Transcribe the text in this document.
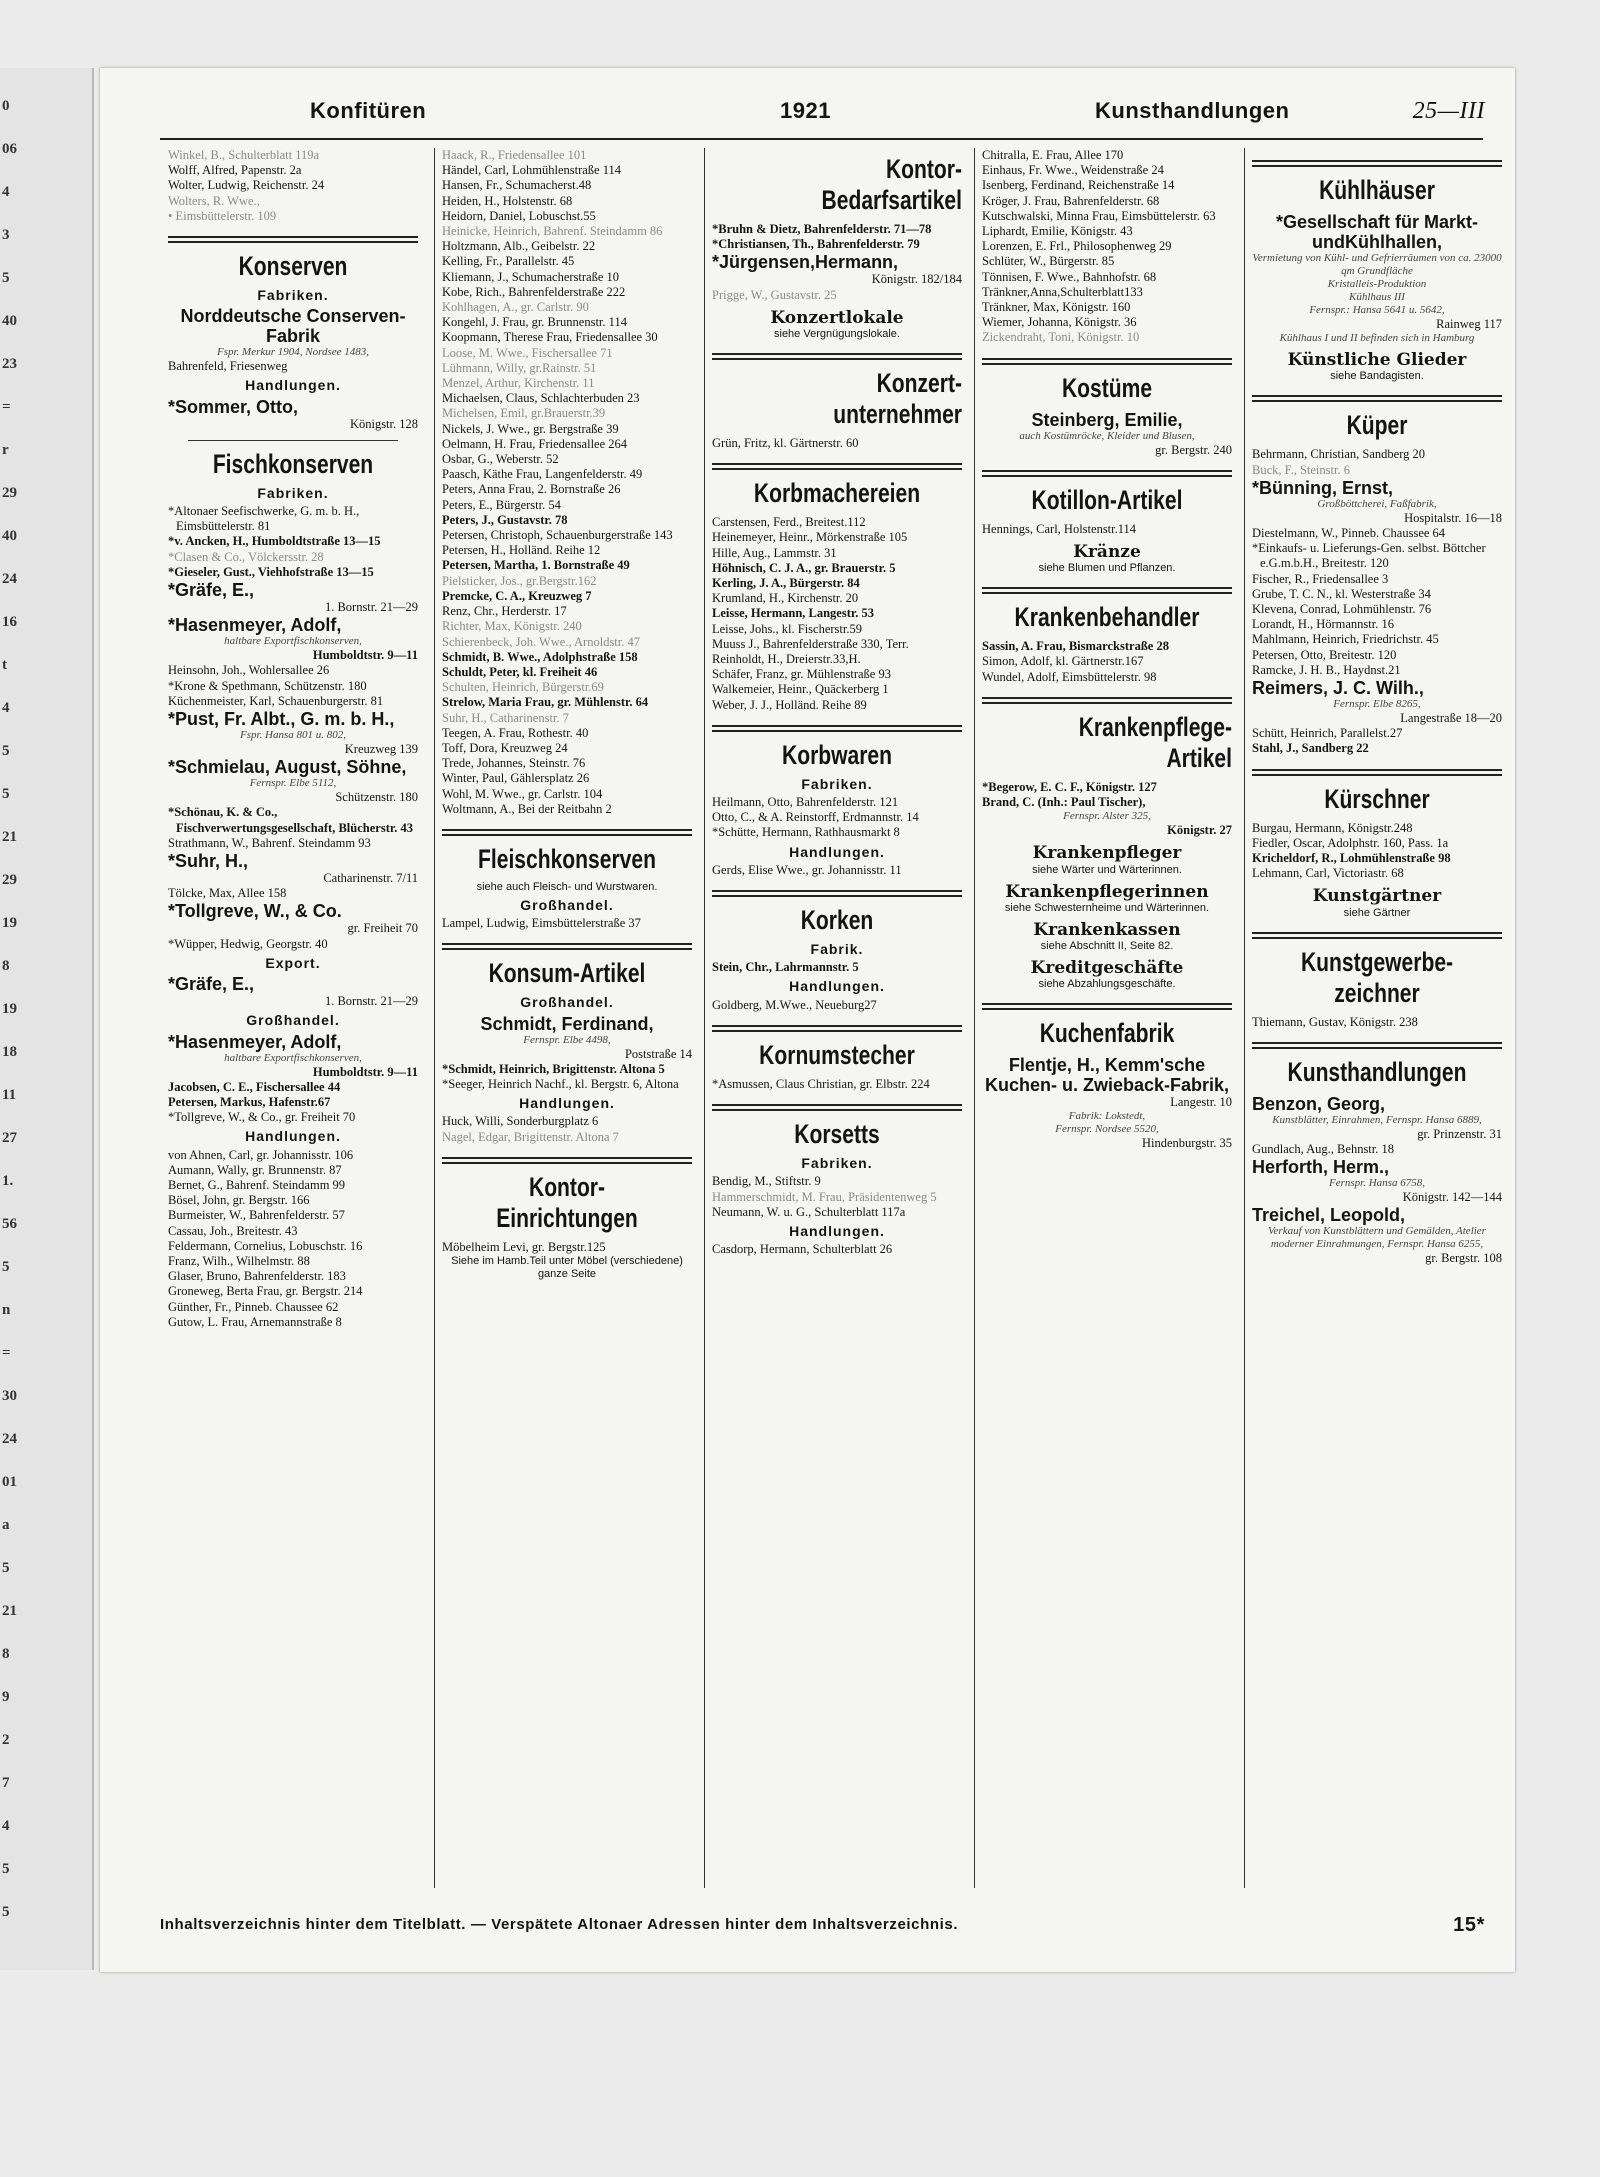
0
06
4
3
5
40
23
=
r
29
40
24
16
t
4
5
5
21
29
19
8
19
18
11
27
1.
56
5
n
=
30
24
01
a
5
21
8
9
2
7
4
5
5
Konfitüren	1921	Kunsthandlungen	25—III
Winkel, B., Schulterblatt 119a
Wolff, Alfred, Papenstr. 2a
Wolter, Ludwig, Reichenstr. 24
Wolters, R. Wwe.,
• Eimsbüttelerstr. 109
Konserven
Fabriken.
Norddeutsche Conserven-Fabrik
Fspr. Merkur 1904, Nordsee 1483,
Bahrenfeld, Friesenweg
Handlungen.
*Sommer, Otto,
Königstr. 128
Fischkonserven
Fabriken.
*Altonaer Seefischwerke, G. m. b. H., Eimsbüttelerstr. 81
*v. Ancken, H., Humboldtstraße 13—15
*Clasen & Co., Völckersstr. 28
*Gieseler, Gust., Viehhofstraße 13—15
*Gräfe, E.,
1. Bornstr. 21—29
*Hasenmeyer, Adolf,
haltbare Exportfischkonserven,
Humboldtstr. 9—11
Heinsohn, Joh., Wohlersallee 26
*Krone & Spethmann, Schützenstr. 180
Küchenmeister, Karl, Schauenburgerstr. 81
*Pust, Fr. Albt., G. m. b. H.,
Fspr. Hansa 801 u. 802,
Kreuzweg 139
*Schmielau, August, Söhne,
Fernspr. Elbe 5112,
Schützenstr. 180
*Schönau, K. & Co., Fischverwertungsgesellschaft, Blücherstr. 43
Strathmann, W., Bahrenf. Steindamm 93
*Suhr, H.,
Catharinenstr. 7/11
Tölcke, Max, Allee 158
*Tollgreve, W., & Co.
gr. Freiheit 70
*Wüpper, Hedwig, Georgstr. 40
Export.
*Gräfe, E.,
1. Bornstr. 21—29
Großhandel.
*Hasenmeyer, Adolf,
haltbare Exportfischkonserven,
Humboldtstr. 9—11
Jacobsen, C. E., Fischersallee 44
Petersen, Markus, Hafenstr.67
*Tollgreve, W., & Co., gr. Freiheit 70
Handlungen.
von Ahnen, Carl, gr. Johannisstr. 106
Aumann, Wally, gr. Brunnenstr. 87
Bernet, G., Bahrenf. Steindamm 99
Bösel, John, gr. Bergstr. 166
Burmeister, W., Bahrenfelderstr. 57
Cassau, Joh., Breitestr. 43
Feldermann, Cornelius, Lobuschstr. 16
Franz, Wilh., Wilhelmstr. 88
Glaser, Bruno, Bahrenfelderstr. 183
Groneweg, Berta Frau, gr. Bergstr. 214
Günther, Fr., Pinneb. Chaussee 62
Gutow, L. Frau, Arnemannstraße 8
Haack, R., Friedensallee 101
Händel, Carl, Lohmühlenstraße 114
Hansen, Fr., Schumacherst.48
Heiden, H., Holstenstr. 68
Heidorn, Daniel, Lobuschst.55
Heinicke, Heinrich, Bahrenf. Steindamm 86
Holtzmann, Alb., Geibelstr. 22
Kelling, Fr., Parallelstr. 45
Kliemann, J., Schumacherstraße 10
Kobe, Rich., Bahrenfelderstraße 222
Kohlhagen, A., gr. Carlstr. 90
Kongehl, J. Frau, gr. Brunnenstr. 114
Koopmann, Therese Frau, Friedensallee 30
Loose, M. Wwe., Fischersallee 71
Lühmann, Willy, gr.Rainstr. 51
Menzel, Arthur, Kirchenstr. 11
Michaelsen, Claus, Schlachterbuden 23
Michelsen, Emil, gr.Brauerstr.39
Nickels, J. Wwe., gr. Bergstraße 39
Oelmann, H. Frau, Friedensallee 264
Osbar, G., Weberstr. 52
Paasch, Käthe Frau, Langenfelderstr. 49
Peters, Anna Frau, 2. Bornstraße 26
Peters, E., Bürgerstr. 54
Peters, J., Gustavstr. 78
Petersen, Christoph, Schauenburgerstraße 143
Petersen, H., Holländ. Reihe 12
Petersen, Martha, 1. Bornstraße 49
Pielsticker, Jos., gr.Bergstr.162
Premcke, C. A., Kreuzweg 7
Renz, Chr., Herderstr. 17
Richter, Max, Königstr. 240
Schierenbeck, Joh. Wwe., Arnoldstr. 47
Schmidt, B. Wwe., Adolphstraße 158
Schuldt, Peter, kl. Freiheit 46
Schulten, Heinrich, Bürgerstr.69
Strelow, Maria Frau, gr. Mühlenstr. 64
Suhr, H., Catharinenstr. 7
Teegen, A. Frau, Rothestr. 40
Toff, Dora, Kreuzweg 24
Trede, Johannes, Steinstr. 76
Winter, Paul, Gählersplatz 26
Wohl, M. Wwe., gr. Carlstr. 104
Woltmann, A., Bei der Reitbahn 2
Fleischkonserven
siehe auch Fleisch- und Wurstwaren.
Großhandel.
Lampel, Ludwig, Eimsbüttelerstraße 37
Konsum-Artikel
Großhandel.
Schmidt, Ferdinand,
Fernspr. Elbe 4498,
Poststraße 14
*Schmidt, Heinrich, Brigittenstr. Altona 5
*Seeger, Heinrich Nachf., kl. Bergstr. 6, Altona
Handlungen.
Huck, Willi, Sonderburgplatz 6
Nagel, Edgar, Brigittenstr. Altona 7
Kontor-Einrichtungen
Möbelheim Levi, gr. Bergstr.125
Siehe im Hamb.Teil unter Möbel (verschiedene) ganze Seite
Kontor-Bedarfsartikel
*Bruhn & Dietz, Bahrenfelderstr. 71—78
*Christiansen, Th., Bahrenfelderstr. 79
*Jürgensen,Hermann,
Königstr. 182/184
Prigge, W., Gustavstr. 25
Konzertlokale
siehe Vergnügungslokale.
Konzert-unternehmer
Grün, Fritz, kl. Gärtnerstr. 60
Korbmachereien
Carstensen, Ferd., Breitest.112
Heinemeyer, Heinr., Mörkenstraße 105
Hille, Aug., Lammstr. 31
Höhnisch, C. J. A., gr. Brauerstr. 5
Kerling, J. A., Bürgerstr. 84
Krumland, H., Kirchenstr. 20
Leisse, Hermann, Langestr. 53
Leisse, Johs., kl. Fischerstr.59
Muuss J., Bahrenfelderstraße 330, Terr.
Reinholdt, H., Dreierstr.33,H.
Schäfer, Franz, gr. Mühlenstraße 93
Walkemeier, Heinr., Quäckerberg 1
Weber, J. J., Holländ. Reihe 89
Korbwaren
Fabriken.
Heilmann, Otto, Bahrenfelderstr. 121
Otto, C., & A. Reinstorff, Erdmannstr. 14
*Schütte, Hermann, Rathhausmarkt 8
Handlungen.
Gerds, Elise Wwe., gr. Johannisstr. 11
Korken
Fabrik.
Stein, Chr., Lahrmannstr. 5
Handlungen.
Goldberg, M.Wwe., Neueburg27
Kornumstecher
*Asmussen, Claus Christian, gr. Elbstr. 224
Korsetts
Fabriken.
Bendig, M., Stiftstr. 9
Hammerschmidt, M. Frau, Präsidentenweg 5
Neumann, W. u. G., Schulterblatt 117a
Handlungen.
Casdorp, Hermann, Schulterblatt 26
Chitralla, E. Frau, Allee 170
Einhaus, Fr. Wwe., Weidenstraße 24
Isenberg, Ferdinand, Reichenstraße 14
Kröger, J. Frau, Bahrenfelderstr. 68
Kutschwalski, Minna Frau, Eimsbüttelerstr. 63
Liphardt, Emilie, Königstr. 43
Lorenzen, E. Frl., Philosophenweg 29
Schlüter, W., Bürgerstr. 85
Tönnisen, F. Wwe., Bahnhofstr. 68
Tränkner,Anna,Schulterblatt133
Tränkner, Max, Königstr. 160
Wiemer, Johanna, Königstr. 36
Zickendraht, Toni, Königstr. 10
Kostüme
Steinberg, Emilie,
auch Kostümröcke, Kleider und Blusen,
gr. Bergstr. 240
Kotillon-Artikel
Hennings, Carl, Holstenstr.114
Kränze
siehe Blumen und Pflanzen.
Krankenbehandler
Sassin, A. Frau, Bismarckstraße 28
Simon, Adolf, kl. Gärtnerstr.167
Wundel, Adolf, Eimsbüttelerstr. 98
Krankenpflege-Artikel
*Begerow, E. C. F., Königstr. 127
Brand, C. (Inh.: Paul Tischer),
Fernspr. Alster 325,
Königstr. 27
Krankenpfleger
siehe Wärter und Wärterinnen.
Krankenpflegerinnen
siehe Schwesternheime und Wärterinnen.
Krankenkassen
siehe Abschnitt II, Seite 82.
Kreditgeschäfte
siehe Abzahlungsgeschäfte.
Kuchenfabrik
Flentje, H., Kemm'sche Kuchen- u. Zwieback-Fabrik,
Langestr. 10
Fabrik: Lokstedt,
Fernspr. Nordsee 5520,
Hindenburgstr. 35
Kühlhäuser
*Gesellschaft für Markt-undKühlhallen,
Vermietung von Kühl- und Gefrierräumen von ca. 23000 qm Grundfläche
Kristalleis-Produktion
Kühlhaus III
Fernspr.: Hansa 5641 u. 5642,
Rainweg 117
Kühlhaus I und II befinden sich in Hamburg
Künstliche Glieder
siehe Bandagisten.
Küper
Behrmann, Christian, Sandberg 20
Buck, F., Steinstr. 6
*Bünning, Ernst,
Großböttcherei, Faßfabrik,
Hospitalstr. 16—18
Diestelmann, W., Pinneb. Chaussee 64
*Einkaufs- u. Lieferungs-Gen. selbst. Böttcher e.G.m.b.H., Breitestr. 120
Fischer, R., Friedensallee 3
Grube, T. C. N., kl. Westerstraße 34
Klevena, Conrad, Lohmühlenstr. 76
Lorandt, H., Hörmannstr. 16
Mahlmann, Heinrich, Friedrichstr. 45
Petersen, Otto, Breitestr. 120
Ramcke, J. H. B., Haydnst.21
Reimers, J. C. Wilh.,
Fernspr. Elbe 8265,
Langestraße 18—20
Schütt, Heinrich, Parallelst.27
Stahl, J., Sandberg 22
Kürschner
Burgau, Hermann, Königstr.248
Fiedler, Oscar, Adolphstr. 160, Pass. 1a
Kricheldorf, R., Lohmühlenstraße 98
Lehmann, Carl, Victoriastr. 68
Kunstgärtner
siehe Gärtner
Kunstgewerbe-zeichner
Thiemann, Gustav, Königstr. 238
Kunsthandlungen
Benzon, Georg,
Kunstblätter, Einrahmen, Fernspr. Hansa 6889,
gr. Prinzenstr. 31
Gundlach, Aug., Behnstr. 18
Herforth, Herm.,
Fernspr. Hansa 6758,
Königstr. 142—144
Treichel, Leopold,
Verkauf von Kunstblättern und Gemälden, Atelier moderner Einrahmungen, Fernspr. Hansa 6255,
gr. Bergstr. 108
Inhaltsverzeichnis hinter dem Titelblatt. — Verspätete Altonaer Adressen hinter dem Inhaltsverzeichnis.	15*
